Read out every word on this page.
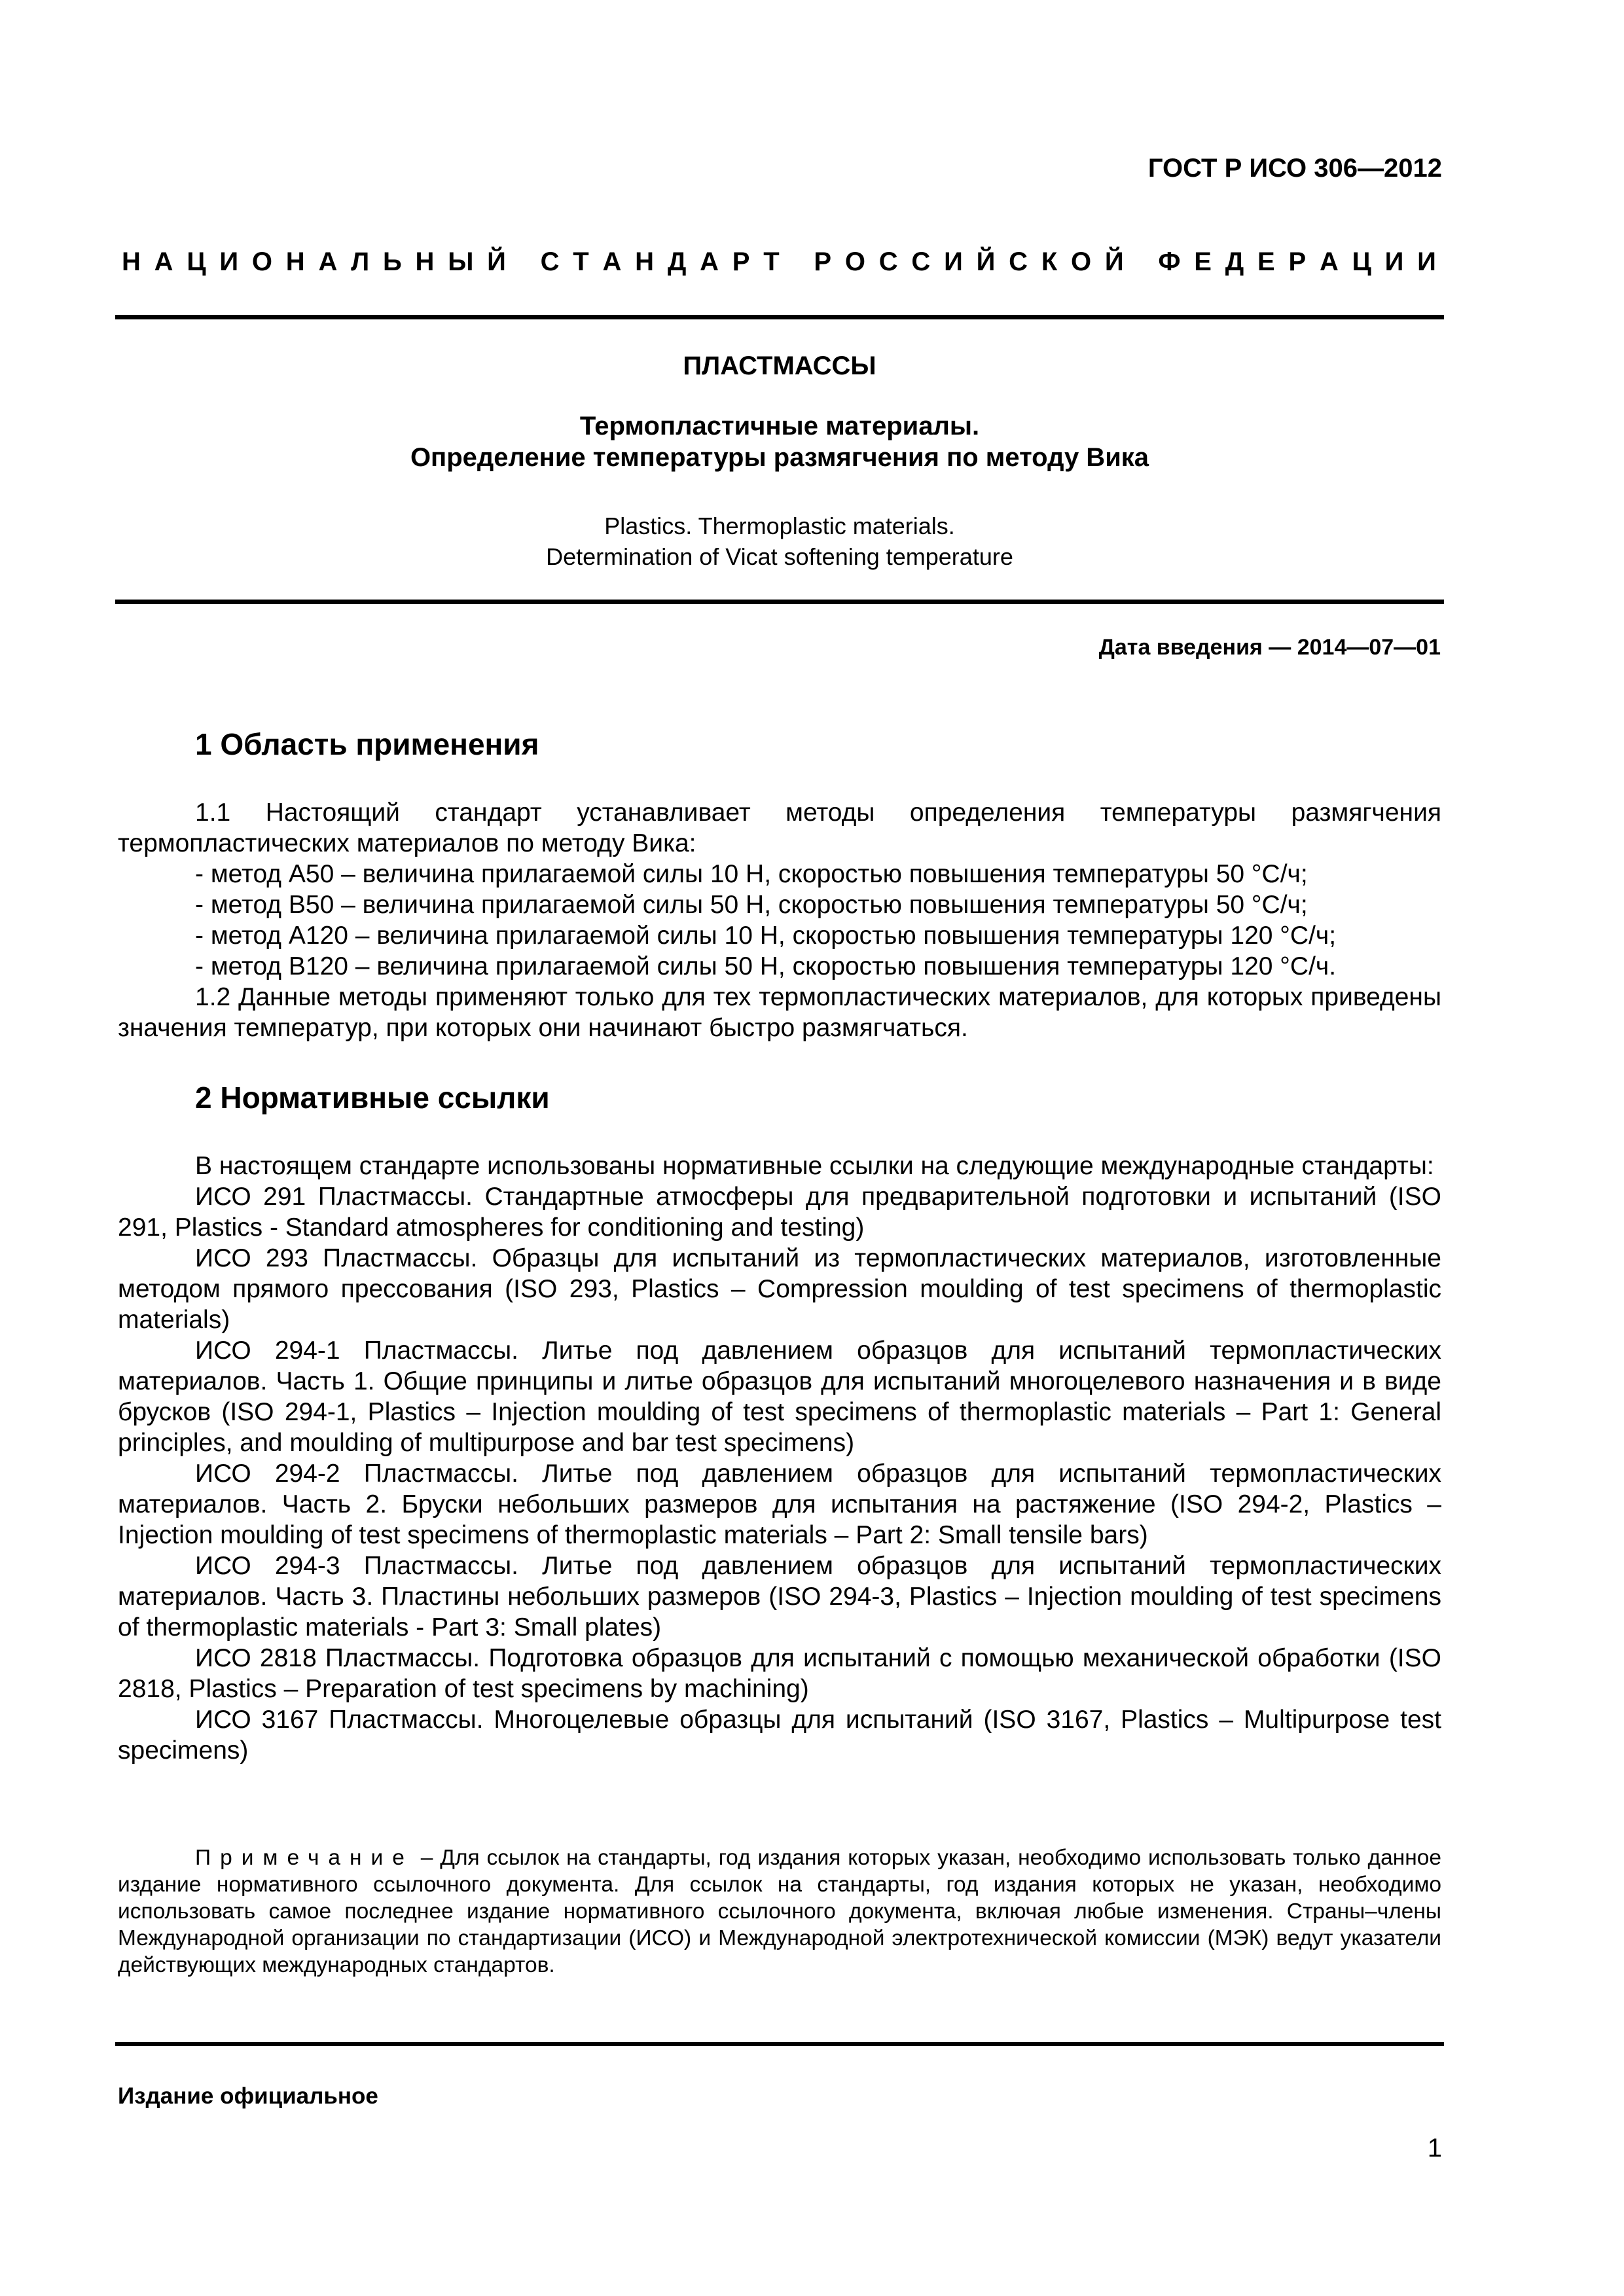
ГОСТ Р ИСО 306—2012
Н А Ц И О Н А Л Ь Н Ы Й
С Т А Н Д А Р Т
Р О С С И Й С К О Й
Ф Е Д Е Р А Ц И И
ПЛАСТМАССЫ
Термопластичные материалы.
Определение температуры размягчения по методу Вика
Plastics. Thermoplastic materials.
Determination of Vicat softening temperature
Дата введения — 2014—07—01
1 Область применения

1.1 Настоящий стандарт устанавливает методы определения температуры размягчения термопластических материалов по методу Вика:

- метод А50 – величина прилагаемой силы 10 Н, скоростью повышения температуры 50 °С/ч;

- метод В50 – величина прилагаемой силы 50 Н, скоростью повышения температуры 50 °С/ч;

- метод А120 – величина прилагаемой силы 10 Н, скоростью повышения температуры 120 °С/ч;

- метод В120 – величина прилагаемой силы 50 Н, скоростью повышения температуры 120 °С/ч.

1.2 Данные методы применяют только для тех термопластических материалов, для которых приведены значения температур, при которых они начинают быстро размягчаться.

2 Нормативные ссылки

В настоящем стандарте использованы нормативные ссылки на следующие международные стандарты:

ИСО 291 Пластмассы. Стандартные атмосферы для предварительной подготовки и испытаний (ISO 291, Plastics - Standard atmospheres for conditioning and testing)

ИСО 293 Пластмассы. Образцы для испытаний из термопластических материалов, изготовленные методом прямого прессования (ISO 293, Plastics – Compression moulding of test specimens of thermoplastic materials)

ИСО 294-1 Пластмассы. Литье под давлением образцов для испытаний термопластических материалов. Часть 1. Общие принципы и литье образцов для испытаний многоцелевого назначения и в виде брусков (ISO 294-1, Plastics – Injection moulding of test specimens of thermoplastic materials – Part 1: General principles, and moulding of multipurpose and bar test specimens)

ИСО 294-2 Пластмассы. Литье под давлением образцов для испытаний термопластических материалов. Часть 2. Бруски небольших размеров для испытания на растяжение (ISO 294-2, Plastics – Injection moulding of test specimens of thermoplastic materials – Part 2: Small tensile bars)

ИСО 294-3 Пластмассы. Литье под давлением образцов для испытаний термопластических материалов. Часть 3. Пластины небольших размеров (ISO 294-3, Plastics – Injection moulding of test specimens of thermoplastic materials - Part 3: Small plates)

ИСО 2818 Пластмассы. Подготовка образцов для испытаний с помощью механической обработки (ISO 2818, Plastics – Preparation of test specimens by machining)

ИСО 3167 Пластмассы. Многоцелевые образцы для испытаний (ISO 3167, Plastics – Multipurpose test specimens)

Примечание – Для ссылок на стандарты, год издания которых указан, необходимо использовать только данное издание нормативного ссылочного документа. Для ссылок на стандарты, год издания которых не указан, необходимо использовать самое последнее издание нормативного ссылочного документа, включая любые изменения. Страны–члены Международной организации по стандартизации (ИСО) и Международной электротехнической комиссии (МЭК) ведут указатели действующих международных стандартов.

Издание официальное
1
